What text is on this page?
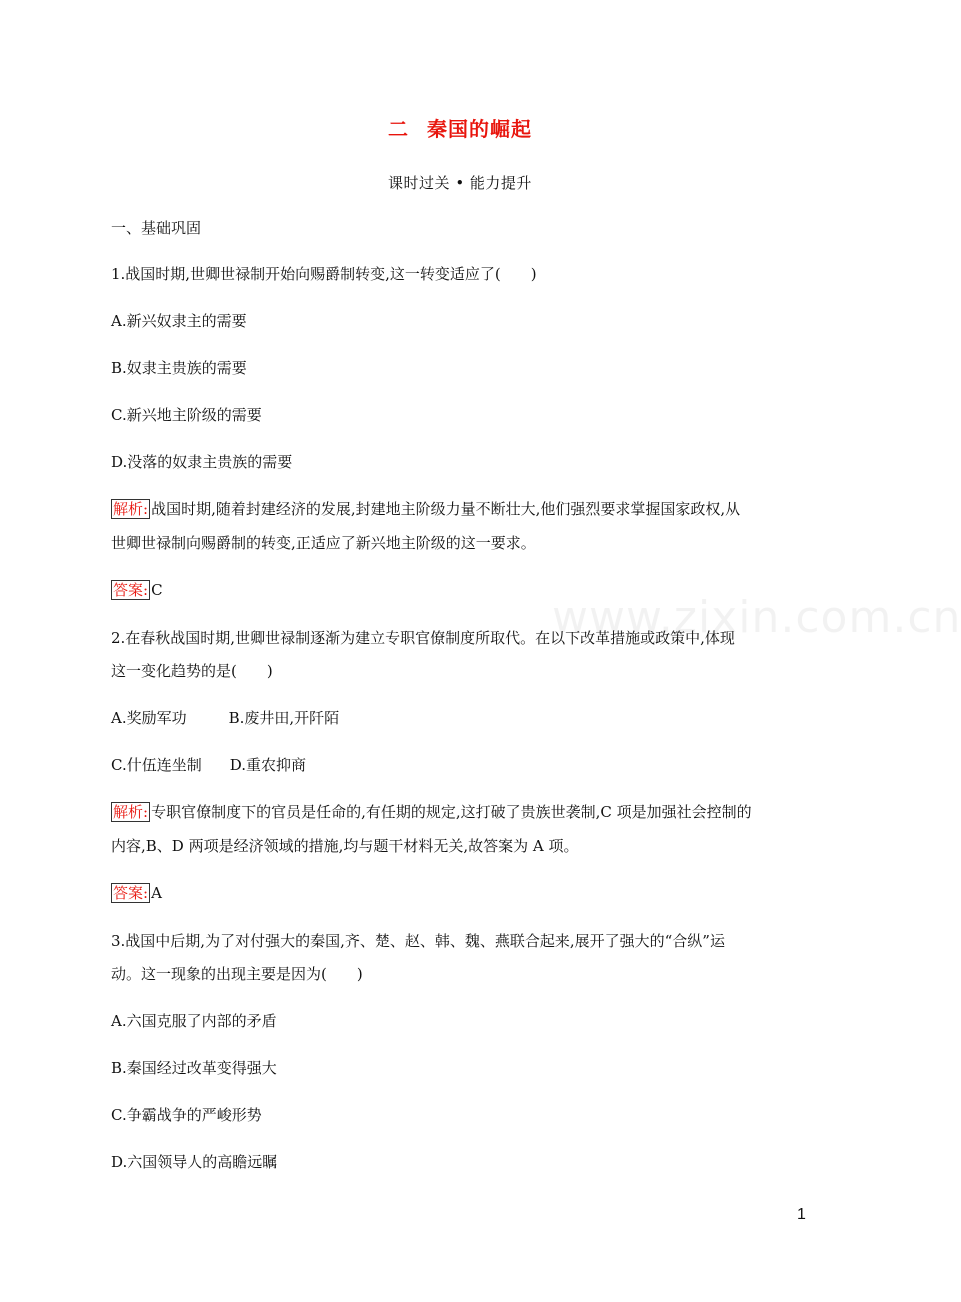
二 秦国的崛起
课时过关 • 能力提升
一、基础巩固
1.战国时期,世卿世禄制开始向赐爵制转变,这一转变适应了(　　)
A.新兴奴隶主的需要
B.奴隶主贵族的需要
C.新兴地主阶级的需要
D.没落的奴隶主贵族的需要
解析: 战国时期,随着封建经济的发展,封建地主阶级力量不断壮大,他们强烈要求掌握国家政权,从
世卿世禄制向赐爵制的转变,正适应了新兴地主阶级的这一要求。
答案: C
2.在春秋战国时期,世卿世禄制逐渐为建立专职官僚制度所取代。在以下改革措施或政策中,体现
这一变化趋势的是(　　)
A.奖励军功	B.废井田,开阡陌
C.什伍连坐制 D.重农抑商
解析: 专职官僚制度下的官员是任命的,有任期的规定,这打破了贵族世袭制,C 项是加强社会控制的
内容,B、D 两项是经济领域的措施,均与题干材料无关,故答案为 A 项。
答案: A
3.战国中后期,为了对付强大的秦国,齐、楚、赵、韩、魏、燕联合起来,展开了强大的“合纵”运
动。这一现象的出现主要是因为(　　)
A.六国克服了内部的矛盾
B.秦国经过改革变得强大
C.争霸战争的严峻形势
D.六国领导人的高瞻远瞩
www.zixin.com.cn
1
